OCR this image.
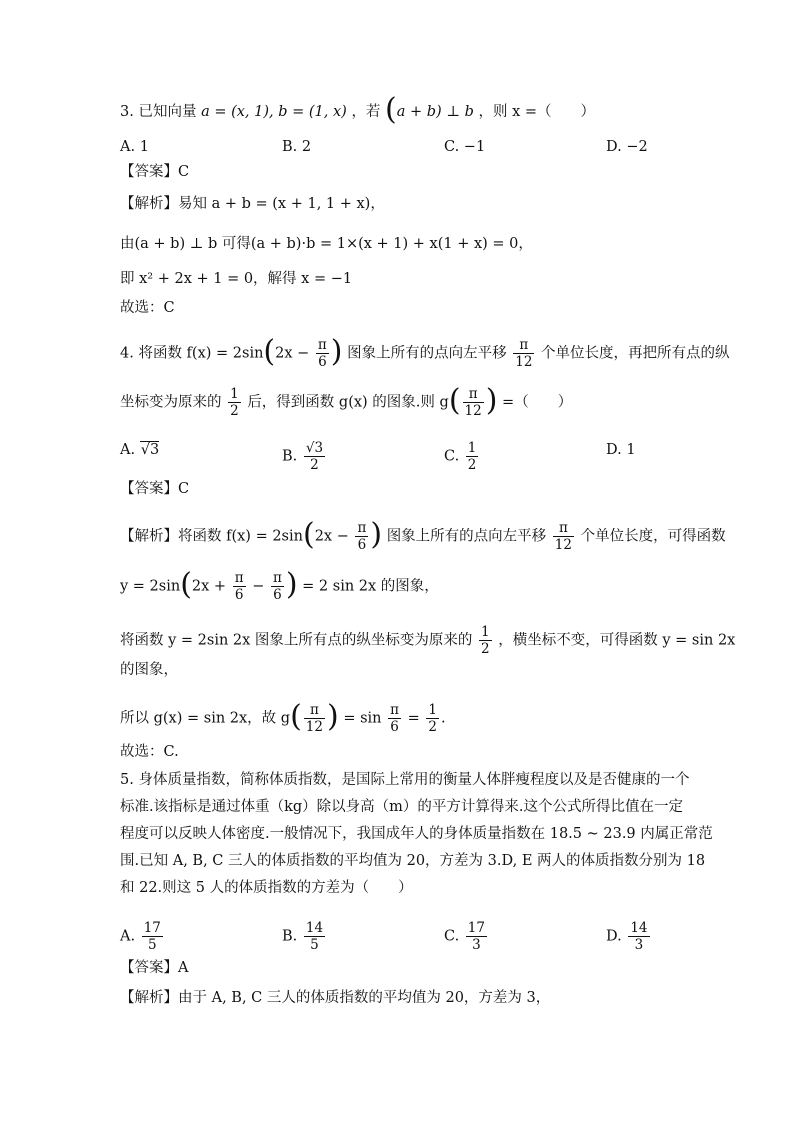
3. 已知向量 a = (x, 1), b = (1, x) ，若 (a + b) ⊥ b ，则 x =（　　）
A. 1	B. 2	C. −1	D. −2
【答案】C
【解析】易知 a + b = (x + 1, 1 + x)，
由(a + b) ⊥ b 可得(a + b)·b = 1×(x + 1) + x(1 + x) = 0，
即 x² + 2x + 1 = 0，解得 x = −1
故选：C
4. 将函数 $f(x) = 2\sin(2x - \frac{\pi}{6}$ ) 图象上所有的点向左平移 $\frac{\pi}{12}$ 个单位长度，再把所有点的纵
坐标变为原来的 $\frac{1}{2}$ 后，得到函数 g(x) 的图象.则 $g( \frac{\pi}{12}$ ) =（　　）
A. √3	B. $\frac{√3}{2}$	C. $\frac{1}{2}$	D. 1
【答案】C
【解析】将函数 $f(x) = 2\sin(2x - \frac{\pi}{6}$ ) 图象上所有的点向左平移 $\frac{\pi}{12}$ 个单位长度，可得函数
$y = 2\sin(2x + \frac{\pi}{6} - \frac{\pi}{6}$ ) = 2 sin 2x 的图象，
将函数 y = 2sin 2x 图象上所有点的纵坐标变为原来的 $\frac{1}{2}$ ，横坐标不变，可得函数 y = sin 2x
的图象，
所以 g(x) = sin 2x，故 $g( \frac{\pi}{12}$ ) = $\sin \frac{\pi}{6} = \frac{1}{2}$ .
故选：C.
5. 身体质量指数，简称体质指数，是国际上常用的衡量人体胖瘦程度以及是否健康的一个
标准.该指标是通过体重（kg）除以身高（m）的平方计算得来.这个公式所得比值在一定
程度可以反映人体密度.一般情况下，我国成年人的身体质量指数在 18.5 ~ 23.9 内属正常范
围.已知 A, B, C 三人的体质指数的平均值为 20，方差为 3.D, E 两人的体质指数分别为 18
和 22.则这 5 人的体质指数的方差为（　　）
A. $\frac{17}{5}$	B. $\frac{14}{5}$	C. $\frac{17}{3}$	D. $\frac{14}{3}$
【答案】A
【解析】由于 A, B, C 三人的体质指数的平均值为 20，方差为 3，
